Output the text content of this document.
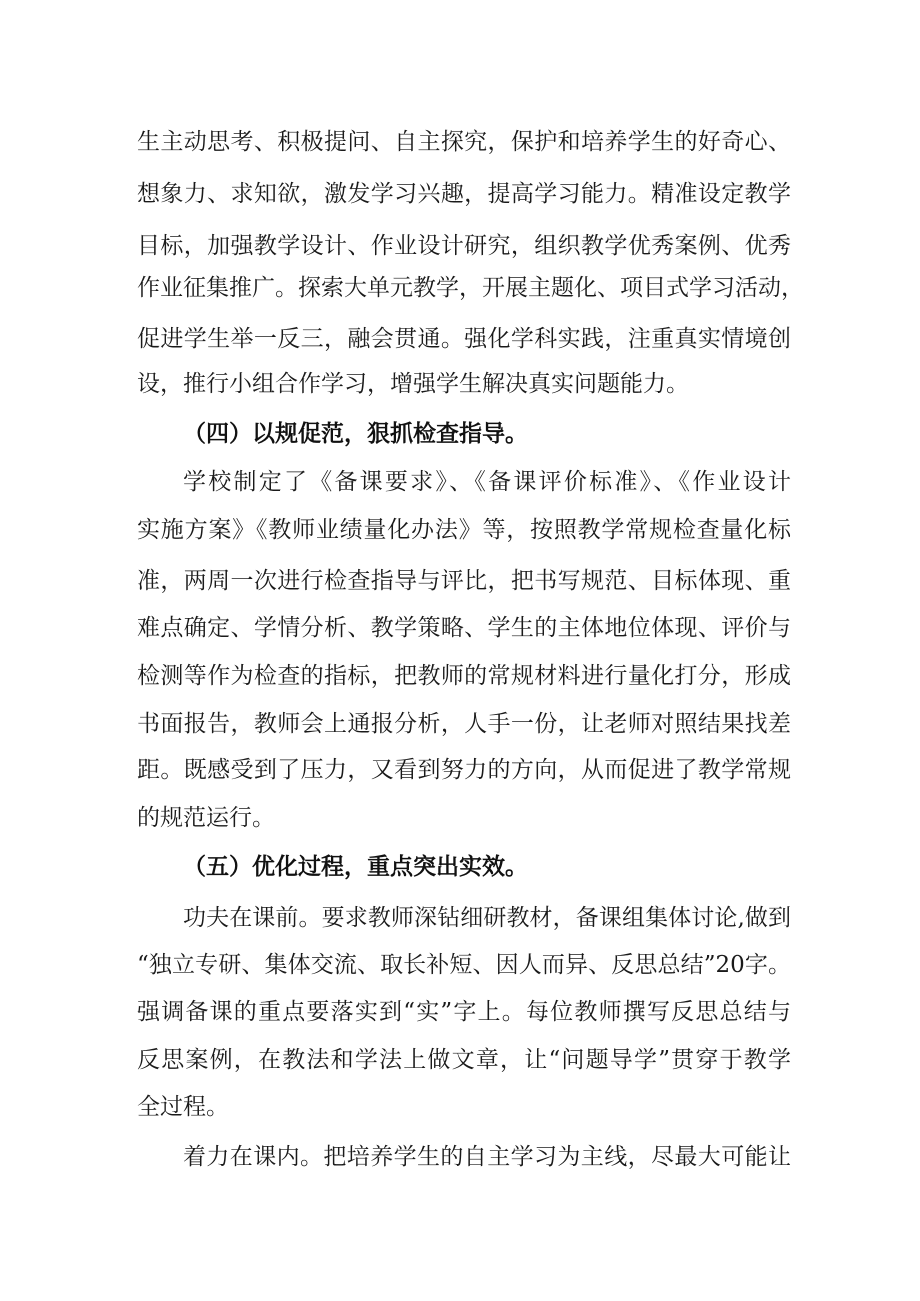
生主动思考、积极提问、自主探究，保护和培养学生的好奇心、
想象力、求知欲，激发学习兴趣，提高学习能力。精准设定教学
目标，加强教学设计、作业设计研究，组织教学优秀案例、优秀
作业征集推广。探索大单元教学，开展主题化、项目式学习活动，
促进学生举一反三，融会贯通。强化学科实践，注重真实情境创
设，推行小组合作学习，增强学生解决真实问题能力。
（四）以规促范，狠抓检查指导。
学校制定了《备课要求》、《备课评价标准》、《作业设计
实施方案》《教师业绩量化办法》等，按照教学常规检查量化标
准，两周一次进行检查指导与评比，把书写规范、目标体现、重
难点确定、学情分析、教学策略、学生的主体地位体现、评价与
检测等作为检查的指标，把教师的常规材料进行量化打分，形成
书面报告，教师会上通报分析，人手一份，让老师对照结果找差
距。既感受到了压力，又看到努力的方向，从而促进了教学常规
的规范运行。
（五）优化过程，重点突出实效。
功夫在课前。要求教师深钻细研教材，备课组集体讨论,做到
“独立专研、集体交流、取长补短、因人而异、反思总结”20字。
强调备课的重点要落实到“实”字上。每位教师撰写反思总结与
反思案例，在教法和学法上做文章，让“问题导学”贯穿于教学
全过程。
着力在课内。把培养学生的自主学习为主线，尽最大可能让
